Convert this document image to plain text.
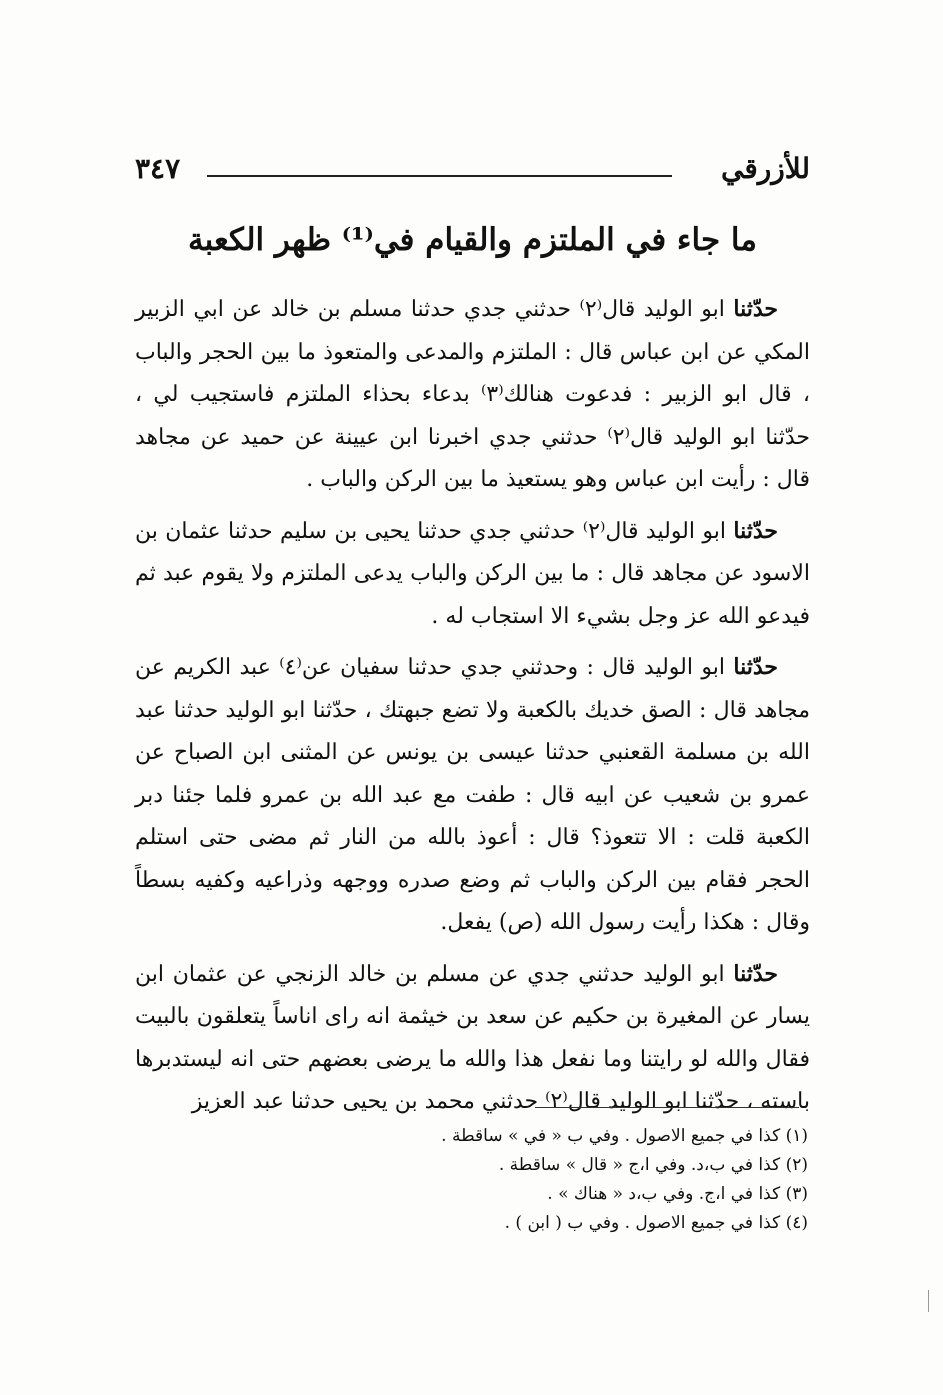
٣٤٧	للأزرقي
ما جاء في الملتزم والقيام في⁽¹⁾ ظهر الكعبة

حدّثنا ابو الوليد قال⁽٢⁾ حدثني جدي حدثنا مسلم بن خالد عن ابي الزبير المكي عن ابن عباس قال : الملتزم والمدعى والمتعوذ ما بين الحجر والباب ، قال ابو الزبير : فدعوت هنالك⁽٣⁾ بدعاء بحذاء الملتزم فاستجيب لي ، حدّثنا ابو الوليد قال⁽٢⁾ حدثني جدي اخبرنا ابن عيينة عن حميد عن مجاهد قال : رأيت ابن عباس وهو يستعيذ ما بين الركن والباب .

حدّثنا ابو الوليد قال⁽٢⁾ حدثني جدي حدثنا يحيى بن سليم حدثنا عثمان بن الاسود عن مجاهد قال : ما بين الركن والباب يدعى الملتزم ولا يقوم عبد ثم فيدعو الله عز وجل بشيء الا استجاب له .

حدّثنا ابو الوليد قال : وحدثني جدي حدثنا سفيان عن⁽٤⁾ عبد الكريم عن مجاهد قال : الصق خديك بالكعبة ولا تضع جبهتك ، حدّثنا ابو الوليد حدثنا عبد الله بن مسلمة القعنبي حدثنا عيسى بن يونس عن المثنى ابن الصباح عن عمرو بن شعيب عن ابيه قال : طفت مع عبد الله بن عمرو فلما جئنا دبر الكعبة قلت : الا تتعوذ؟ قال : أعوذ بالله من النار ثم مضى حتى استلم الحجر فقام بين الركن والباب ثم وضع صدره ووجهه وذراعيه وكفيه بسطاً وقال : هكذا رأيت رسول الله (ص) يفعل.

حدّثنا ابو الوليد حدثني جدي عن مسلم بن خالد الزنجي عن عثمان ابن يسار عن المغيرة بن حكيم عن سعد بن خيثمة انه راى اناساً يتعلقون بالبيت فقال والله لو رايتنا وما نفعل هذا والله ما يرضى بعضهم حتى انه ليستدبرها باسته ، حدّثنا ابو الوليد قال⁽٢⁾ حدثني محمد بن يحيى حدثنا عبد العزيز

(١) كذا في جميع الاصول . وفي ب « في » ساقطة .
(٢) كذا في ب،د. وفي ا،ج « قال » ساقطة .
(٣) كذا في ا،ج. وفي ب،د « هناك » .
(٤) كذا في جميع الاصول . وفي ب ( ابن ) .
